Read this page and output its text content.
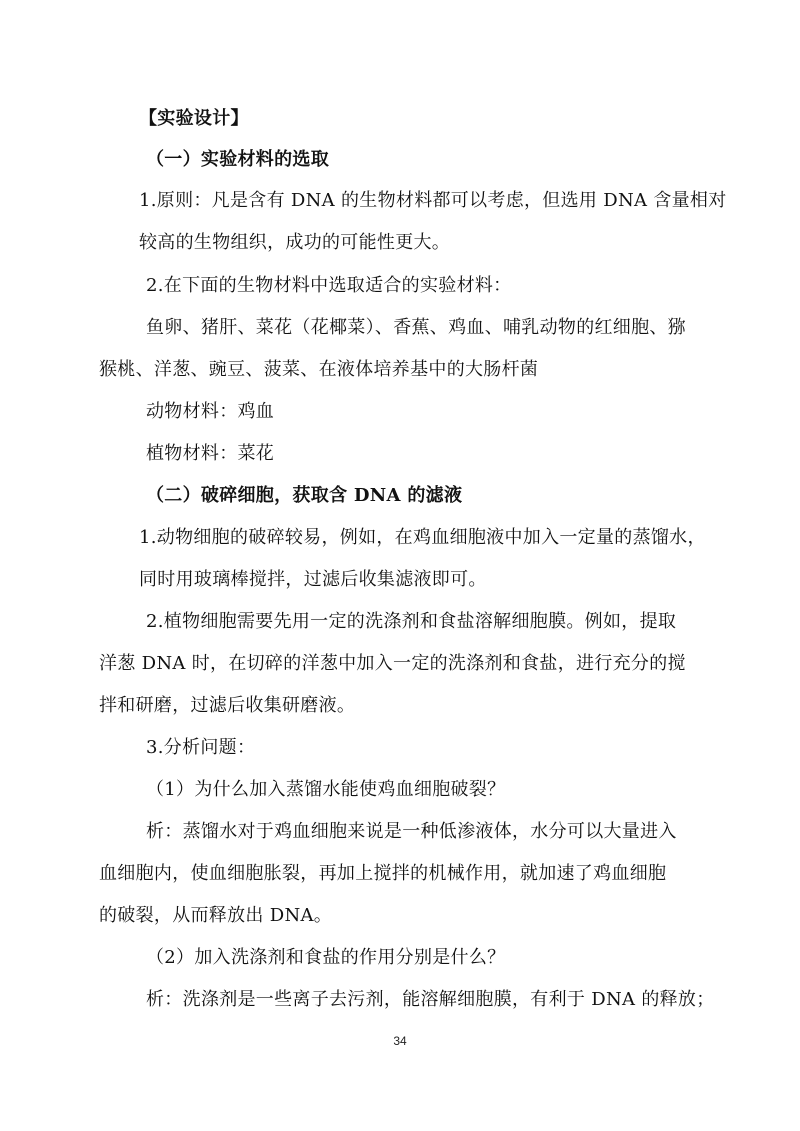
【实验设计】
（一）实验材料的选取
1.原则：凡是含有 DNA 的生物材料都可以考虑，但选用 DNA 含量相对
较高的生物组织，成功的可能性更大。
2.在下面的生物材料中选取适合的实验材料：
鱼卵、猪肝、菜花（花椰菜）、香蕉、鸡血、哺乳动物的红细胞、猕
猴桃、洋葱、豌豆、菠菜、在液体培养基中的大肠杆菌
动物材料：鸡血
植物材料：菜花
（二）破碎细胞，获取含 DNA 的滤液
1.动物细胞的破碎较易，例如，在鸡血细胞液中加入一定量的蒸馏水，
同时用玻璃棒搅拌，过滤后收集滤液即可。
2.植物细胞需要先用一定的洗涤剂和食盐溶解细胞膜。例如，提取
洋葱 DNA 时，在切碎的洋葱中加入一定的洗涤剂和食盐，进行充分的搅
拌和研磨，过滤后收集研磨液。
3.分析问题：
（1）为什么加入蒸馏水能使鸡血细胞破裂？
析：蒸馏水对于鸡血细胞来说是一种低渗液体，水分可以大量进入
血细胞内，使血细胞胀裂，再加上搅拌的机械作用，就加速了鸡血细胞
的破裂，从而释放出 DNA。
（2）加入洗涤剂和食盐的作用分别是什么？
析：洗涤剂是一些离子去污剂，能溶解细胞膜，有利于 DNA 的释放；
34
